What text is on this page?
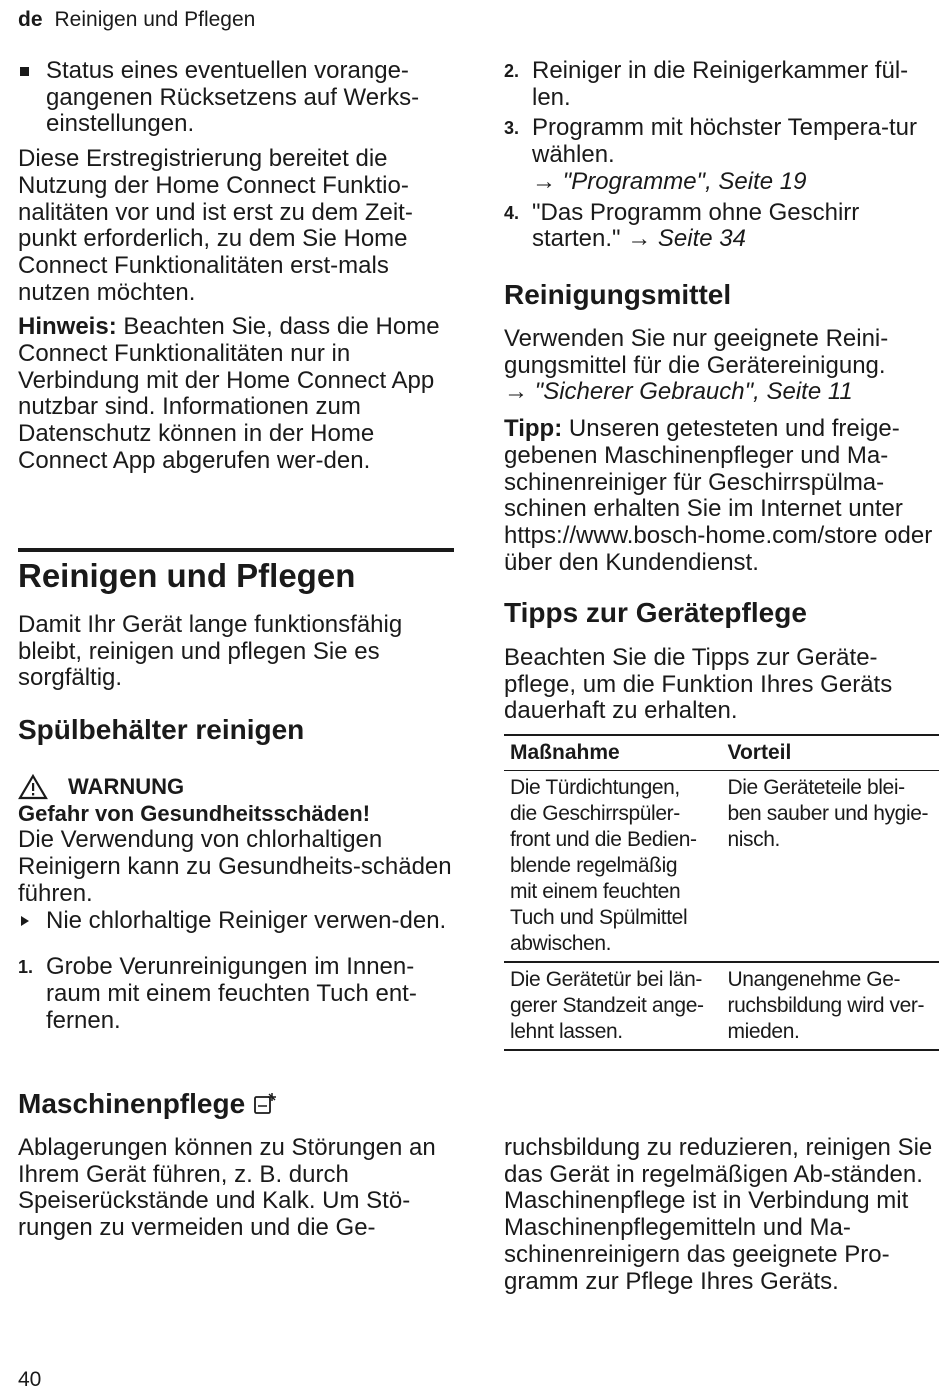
de Reinigen und Pflegen

Status eines eventuellen vorange-gangenen Rücksetzens auf Werks-einstellungen.

Diese Erstregistrierung bereitet die Nutzung der Home Connect Funktio-nalitäten vor und ist erst zu dem Zeit-punkt erforderlich, zu dem Sie Home Connect Funktionalitäten erst-mals nutzen möchten.

Hinweis: Beachten Sie, dass die Home Connect Funktionalitäten nur in Verbindung mit der Home Connect App nutzbar sind. Informationen zum Datenschutz können in der Home Connect App abgerufen wer-den.

Reinigen und Pflegen
Damit Ihr Gerät lange funktionsfähig bleibt, reinigen und pflegen Sie es sorgfältig.
Spülbehälter reinigen
WARNUNG
Gefahr von Gesundheitsschäden!

Die Verwendung von chlorhaltigen Reinigern kann zu Gesundheits-schäden führen.

Nie chlorhaltige Reiniger verwen-den.

1. Grobe Verunreinigungen im Innen-raum mit einem feuchten Tuch ent-fernen.

2. Reiniger in die Reinigerkammer fül-len.

3. Programm mit höchster Tempera-tur wählen.
→ "Programme", Seite 19

4. "Das Programm ohne Geschirr starten." → Seite 34

Reinigungsmittel

Verwenden Sie nur geeignete Reini-gungsmittel für die Gerätereinigung.

→ "Sicherer Gebrauch", Seite 11

Tipp: Unseren getesteten und freige-gebenen Maschinenpfleger und Ma-schinenreiniger für Geschirrspülma-schinen erhalten Sie im Internet unter https://www.bosch-home.com/store oder über den Kundendienst.

Tipps zur Gerätepflege
Beachten Sie die Tipps zur Geräte-pflege, um die Funktion Ihres Geräts dauerhaft zu erhalten.
Maßnahme	Vorteil
Die Türdichtungen, die Geschirrspüler-front und die Bedien-blende regelmäßig mit einem feuchten Tuch und Spülmittel abwischen.	Die Geräteteile blei-ben sauber und hygie-nisch.
Die Gerätetür bei län-gerer Standzeit ange-lehnt lassen.	Unangenehme Ge-ruchsbildung wird ver-mieden.
Maschinenpflege
Ablagerungen können zu Störungen an Ihrem Gerät führen, z. B. durch Speiserückstände und Kalk. Um Stö-rungen zu vermeiden und die Ge-

ruchsbildung zu reduzieren, reinigen Sie das Gerät in regelmäßigen Ab-ständen.

Maschinenpflege ist in Verbindung mit Maschinenpflegemitteln und Ma-schinenreinigern das geeignete Pro-gramm zur Pflege Ihres Geräts.

40
